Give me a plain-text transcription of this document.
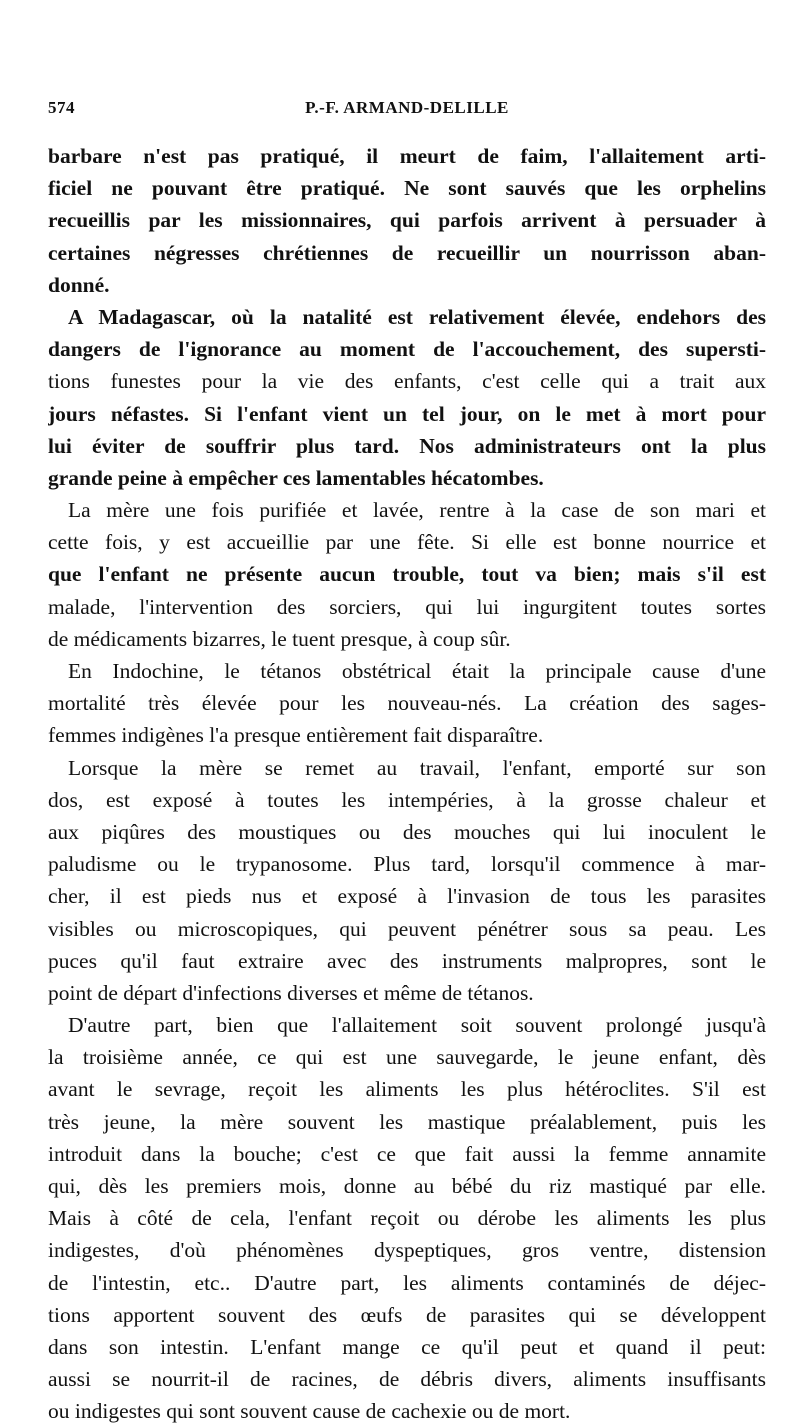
574	P.-F. ARMAND-DELILLE
barbare n'est pas pratiqué, il meurt de faim, l'allaitement arti-
ficiel ne pouvant être pratiqué. Ne sont sauvés que les orphelins
recueillis par les missionnaires, qui parfois arrivent à persuader à
certaines négresses chrétiennes de recueillir un nourrisson aban-
donné.
A Madagascar, où la natalité est relativement élevée, endehors des
dangers de l'ignorance au moment de l'accouchement, des supersti-
tions funestes pour la vie des enfants, c'est celle qui a trait aux
jours néfastes. Si l'enfant vient un tel jour, on le met à mort pour
lui éviter de souffrir plus tard. Nos administrateurs ont la plus
grande peine à empêcher ces lamentables hécatombes.
La mère une fois purifiée et lavée, rentre à la case de son mari et
cette fois, y est accueillie par une fête. Si elle est bonne nourrice et
que l'enfant ne présente aucun trouble, tout va bien; mais s'il est
malade, l'intervention des sorciers, qui lui ingurgitent toutes sortes
de médicaments bizarres, le tuent presque, à coup sûr.
En Indochine, le tétanos obstétrical était la principale cause d'une
mortalité très élevée pour les nouveau-nés. La création des sages-
femmes indigènes l'a presque entièrement fait disparaître.
Lorsque la mère se remet au travail, l'enfant, emporté sur son
dos, est exposé à toutes les intempéries, à la grosse chaleur et
aux piqûres des moustiques ou des mouches qui lui inoculent le
paludisme ou le trypanosome. Plus tard, lorsqu'il commence à mar-
cher, il est pieds nus et exposé à l'invasion de tous les parasites
visibles ou microscopiques, qui peuvent pénétrer sous sa peau. Les
puces qu'il faut extraire avec des instruments malpropres, sont le
point de départ d'infections diverses et même de tétanos.
D'autre part, bien que l'allaitement soit souvent prolongé jusqu'à
la troisième année, ce qui est une sauvegarde, le jeune enfant, dès
avant le sevrage, reçoit les aliments les plus hétéroclites. S'il est
très jeune, la mère souvent les mastique préalablement, puis les
introduit dans la bouche; c'est ce que fait aussi la femme annamite
qui, dès les premiers mois, donne au bébé du riz mastiqué par elle.
Mais à côté de cela, l'enfant reçoit ou dérobe les aliments les plus
indigestes, d'où phénomènes dyspeptiques, gros ventre, distension
de l'intestin, etc.. D'autre part, les aliments contaminés de déjec-
tions apportent souvent des œufs de parasites qui se développent
dans son intestin. L'enfant mange ce qu'il peut et quand il peut:
aussi se nourrit-il de racines, de débris divers, aliments insuffisants
ou indigestes qui sont souvent cause de cachexie ou de mort.
